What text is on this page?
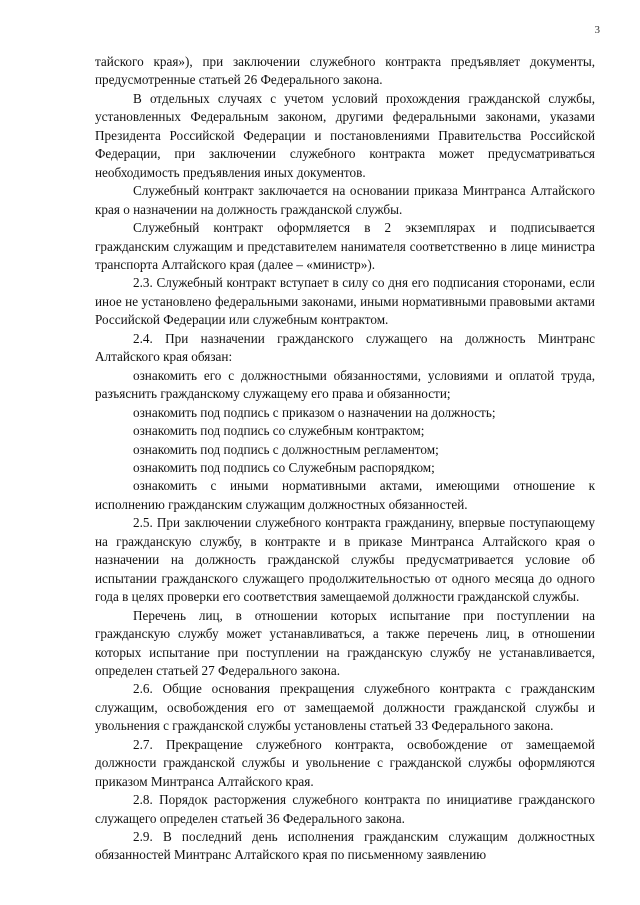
3

тайского края»), при заключении служебного контракта предъявляет документы, предусмотренные статьей 26 Федерального закона.

В отдельных случаях с учетом условий прохождения гражданской службы, установленных Федеральным законом, другими федеральными законами, указами Президента Российской Федерации и постановлениями Правительства Российской Федерации, при заключении служебного контракта может предусматриваться необходимость предъявления иных документов.

Служебный контракт заключается на основании приказа Минтранса Алтайского края о назначении на должность гражданской службы.

Служебный контракт оформляется в 2 экземплярах и подписывается гражданским служащим и представителем нанимателя соответственно в лице министра транспорта Алтайского края (далее – «министр»).

2.3. Служебный контракт вступает в силу со дня его подписания сторонами, если иное не установлено федеральными законами, иными нормативными правовыми актами Российской Федерации или служебным контрактом.

2.4. При назначении гражданского служащего на должность Минтранс Алтайского края обязан:

ознакомить его с должностными обязанностями, условиями и оплатой труда, разъяснить гражданскому служащему его права и обязанности;

ознакомить под подпись с приказом о назначении на должность;

ознакомить под подпись со служебным контрактом;

ознакомить под подпись с должностным регламентом;

ознакомить под подпись со Служебным распорядком;

ознакомить с иными нормативными актами, имеющими отношение к исполнению гражданским служащим должностных обязанностей.

2.5. При заключении служебного контракта гражданину, впервые поступающему на гражданскую службу, в контракте и в приказе Минтранса Алтайского края о назначении на должность гражданской службы предусматривается условие об испытании гражданского служащего продолжительностью от одного месяца до одного года в целях проверки его соответствия замещаемой должности гражданской службы.

Перечень лиц, в отношении которых испытание при поступлении на гражданскую службу может устанавливаться, а также перечень лиц, в отношении которых испытание при поступлении на гражданскую службу не устанавливается, определен статьей 27 Федерального закона.

2.6. Общие основания прекращения служебного контракта с гражданским служащим, освобождения его от замещаемой должности гражданской службы и увольнения с гражданской службы установлены статьей 33 Федерального закона.

2.7. Прекращение служебного контракта, освобождение от замещаемой должности гражданской службы и увольнение с гражданской службы оформляются приказом Минтранса Алтайского края.

2.8. Порядок расторжения служебного контракта по инициативе гражданского служащего определен статьей 36 Федерального закона.

2.9. В последний день исполнения гражданским служащим должностных обязанностей Минтранс Алтайского края по письменному заявлению
